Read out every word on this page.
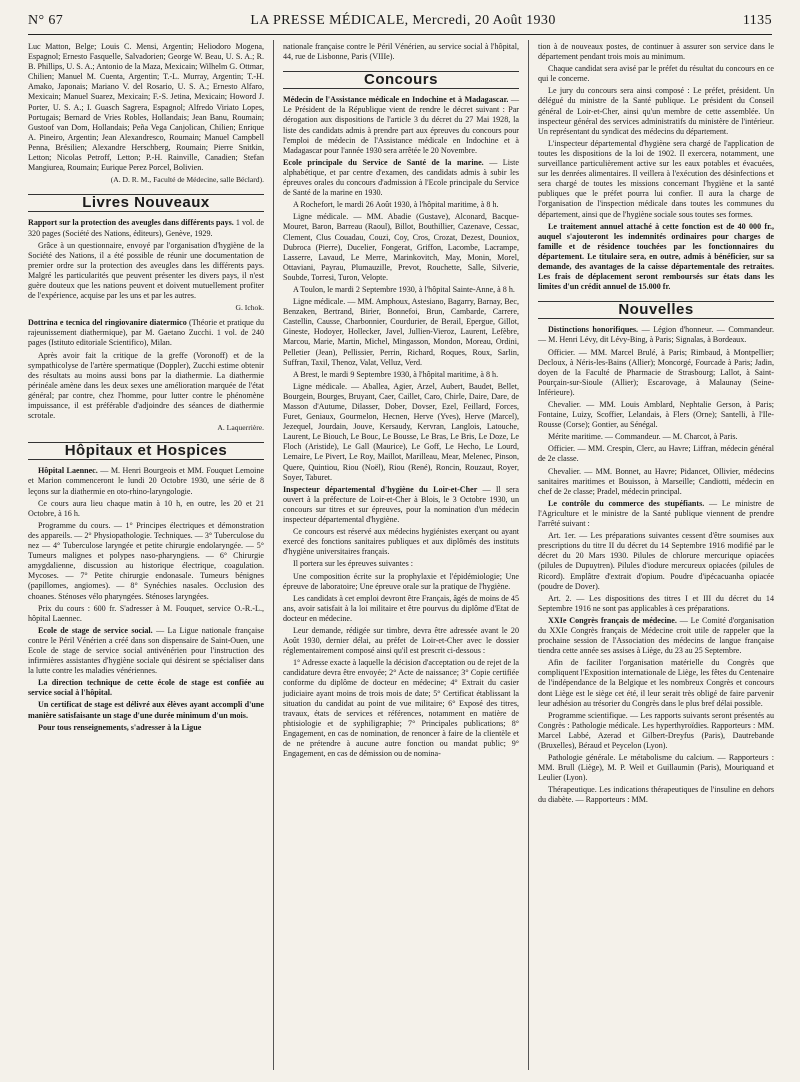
N° 67	LA PRESSE MÉDICALE, Mercredi, 20 Août 1930	1135

Luc Matton, Belge; Louis C. Mensi, Argentin; Heliodoro Mogena, Espagnol; Ernesto Fasquelle, Salvadorien; George W. Beau, U. S. A.; R. B. Phillips, U. S. A.; Antonio de la Maza, Mexicain; Wilhelm G. Ottmar, Chilien; Manuel M. Cuenta, Argentin; T.-L. Murray, Argentin; T.-H. Amako, Japonais; Mariano V. del Rosario, U. S. A.; Ernesto Alfaro, Mexicain; Manuel Suarez, Mexicain; F.-S. Jetina, Mexicain; Howord J. Porter, U. S. A.; I. Guasch Sagrera, Espagnol; Alfredo Viriato Lopes, Portugais; Bernard de Vries Robles, Hollandais; Jean Banu, Roumain; Gustoof van Dom, Hollandais; Peña Vega Canjolican, Chilien; Enrique A. Pineiro, Argentin; Jean Alexandresco, Roumain; Manuel Campbell Penna, Brésilien; Alexandre Herschberg, Roumain; Pierre Snitkin, Letton; Nicolas Petroff, Letton; P.-H. Rainville, Canadien; Stefan Mangiurea, Roumain; Eurique Perez Porcel, Bolivien.

(A. D. R. M., Faculté de Médecine, salle Béclard).

Livres Nouveaux

Rapport sur la protection des aveugles dans différents pays. 1 vol. de 320 pages (Société des Nations, éditeurs), Genève, 1929.

Grâce à un questionnaire, envoyé par l'organisation d'hygiène de la Société des Nations, il a été possible de réunir une documentation de premier ordre sur la protection des aveugles dans les différents pays. Malgré les particularités que peuvent présenter les divers pays, il n'est guère douteux que les nations peuvent et doivent mutuellement profiter de l'expérience, acquise par les uns et par les autres.

G. Ichok.

Dottrina e tecnica del ringiovanire diatermico (Théorie et pratique du rajeunissement diathermique), par M. Gaetano Zucchi. 1 vol. de 240 pages (Istituto editoriale Scientifico), Milan.

Après avoir fait la critique de la greffe (Voronoff) et de la sympathicolyse de l'artère spermatique (Doppler), Zucchi estime obtenir des résultats au moins aussi bons par la diathermie. La diathermie périnéale amène dans les deux sexes une amélioration marquée de l'état général; par contre, chez l'homme, pour lutter contre le phénomène impuissance, il est préférable d'adjoindre des séances de diathermie scrotale.

A. Laquerrière.

Hôpitaux et Hospices

Hôpital Laennec. — M. Henri Bourgeois et MM. Fouquet Lemoine et Marion commenceront le lundi 20 Octobre 1930, une série de 8 leçons sur la diathermie en oto-rhino-laryngologie.

Ce cours aura lieu chaque matin à 10 h, en outre, les 20 et 21 Octobre, à 16 h.

Programme du cours. — 1° Principes électriques et démonstration des appareils. — 2° Physiopathologie. Techniques. — 3° Tuberculose du nez — 4° Tuberculose laryngée et petite chirurgie endolaryngée. — 5° Tumeurs malignes et polypes naso-pharyngiens. — 6° Chirurgie amygdalienne, discussion au historique électrique, coagulation. Mycoses. — 7° Petite chirurgie endonasale. Tumeurs bénignes (papillomes, angiomes). — 8° Synéchies nasales. Occlusion des choanes. Sténoses vélo pharyngées. Sténoses laryngées.

Prix du cours : 600 fr. S'adresser à M. Fouquet, service O.-R.-L., hôpital Laennec.

Ecole de stage de service social. — La Ligue nationale française contre le Péril Vénérien a créé dans son dispensaire de Saint-Ouen, une Ecole de stage de service social antivénérien pour l'instruction des infirmières assistantes d'hygiène sociale qui désirent se spécialiser dans la lutte contre les maladies vénériennes.

La direction technique de cette école de stage est confiée au service social à l'hôpital.

Un certificat de stage est délivré aux élèves ayant accompli d'une manière satisfaisante un stage d'une durée minimum d'un mois.

Pour tous renseignements, s'adresser à la Ligue

nationale française contre le Péril Vénérien, au service social à l'hôpital, 44, rue de Lisbonne, Paris (VIIIe).

Concours

Médecin de l'Assistance médicale en Indochine et à Madagascar. — Le Président de la République vient de rendre le décret suivant : Par dérogation aux dispositions de l'article 3 du décret du 27 Mai 1928, la liste des candidats admis à prendre part aux épreuves du concours pour l'emploi de médecin de l'Assistance médicale en Indochine et à Madagascar pour l'année 1930 sera arrêtée le 20 Novembre.

Ecole principale du Service de Santé de la marine. — Liste alphabétique, et par centre d'examen, des candidats admis à subir les épreuves orales du concours d'admission à l'Ecole principale du Service de Santé de la marine en 1930.

A Rochefort, le mardi 26 Août 1930, à l'hôpital maritime, à 8 h.

Ligne médicale. — MM. Abadie (Gustave), Alconard, Bacque-Mouret, Baron, Barreau (Raoul), Billot, Bouthillier, Cazenave, Cessac, Clement, Clus Couadau, Couzi, Coy, Cros, Crozat, Dezest, Douniox, Dubroca (Pierre), Ducelier, Fongerat, Griffon, Lacombe, Lacrampe, Lasserre, Lavaud, Le Merre, Marinkovitch, May, Monin, Morel, Ottaviani, Payrau, Plumauzille, Prevot, Rouchette, Salle, Silverie, Soubde, Torresi, Turon, Velopte.

A Toulon, le mardi 2 Septembre 1930, à l'hôpital Sainte-Anne, à 8 h.

Ligne médicale. — MM. Amphoux, Astesiano, Bagarry, Barnay, Bec, Benzaken, Bertrand, Birier, Bonnefoi, Brun, Cambarde, Carrere, Castellin, Causse, Charbonnier, Courdurier, de Berail, Epergue, Gillot, Gineste, Hodoyer, Hollecker, Javel, Jullien-Vieroz, Laurent, Lefèbre, Marcou, Marie, Martin, Michel, Mingasson, Mondon, Moreau, Ordini, Pelletier (Jean), Pellissier, Perrin, Richard, Roques, Roux, Sarlin, Suffran, Taxil, Thenoz, Valat, Velluz, Verd.

A Brest, le mardi 9 Septembre 1930, à l'hôpital maritime, à 8 h.

Ligne médicale. — Aballea, Agier, Arzel, Aubert, Baudet, Bellet, Bourgein, Bourges, Bruyant, Caer, Caillet, Caro, Chirle, Daire, Dare, de Masson d'Autume, Dilasser, Dober, Dovser, Ezel, Feillard, Forces, Furet, Geniaux, Gourmelon, Hecnen, Herve (Yves), Herve (Marcel), Jezequel, Jourdain, Jouve, Kersaudy, Kervran, Langlois, Latouche, Laurent, Le Biouch, Le Bouc, Le Bousse, Le Bras, Le Bris, Le Doze, Le Floch (Aristide), Le Gall (Maurice), Le Goff, Le Hecho, Le Lourd, Lemaire, Le Pivert, Le Roy, Maillot, Marilleau, Mear, Melenec, Pinson, Quere, Quintiou, Riou (Noël), Riou (René), Roncin, Rouzaut, Royer, Soyer, Taburet.

Inspecteur départemental d'hygiène du Loir-et-Cher — Il sera ouvert à la préfecture de Loir-et-Cher à Blois, le 3 Octobre 1930, un concours sur titres et sur épreuves, pour la nomination d'un médecin inspecteur départemental d'hygiène.

Ce concours est réservé aux médecins hygiénistes exerçant ou ayant exercé des fonctions sanitaires publiques et aux diplômés des instituts d'hygiène universitaires français.

Il portera sur les épreuves suivantes :

Une composition écrite sur la prophylaxie et l'épidémiologie; Une épreuve de laboratoire; Une épreuve orale sur la pratique de l'hygiène.

Les candidats à cet emploi devront être Français, âgés de moins de 45 ans, avoir satisfait à la loi militaire et être pourvus du diplôme d'Etat de docteur en médecine.

Leur demande, rédigée sur timbre, devra être adressée avant le 20 Août 1930, dernier délai, au préfet de Loir-et-Cher avec le dossier réglementairement composé ainsi qu'il est prescrit ci-dessous :

1° Adresse exacte à laquelle la décision d'acceptation ou de rejet de la candidature devra être envoyée; 2° Acte de naissance; 3° Copie certifiée conforme du diplôme de docteur en médecine; 4° Extrait du casier judiciaire ayant moins de trois mois de date; 5° Certificat établissant la situation du candidat au point de vue militaire; 6° Exposé des titres, travaux, états de services et références, notamment en matière de phtisiologie et de syphiligraphie; 7° Principales publications; 8° Engagement, en cas de nomination, de renoncer à faire de la clientèle et de ne prétendre à aucune autre fonction ou mandat public; 9° Engagement, en cas de démission ou de nomina-

tion à de nouveaux postes, de continuer à assurer son service dans le département pendant trois mois au minimum.

Chaque candidat sera avisé par le préfet du résultat du concours en ce qui le concerne.

Le jury du concours sera ainsi composé : Le préfet, président. Un délégué du ministre de la Santé publique. Le président du Conseil général de Loir-et-Cher, ainsi qu'un membre de cette assemblée. Un inspecteur général des services administratifs du ministère de l'intérieur. Un représentant du syndicat des médecins du département.

L'inspecteur départemental d'hygiène sera chargé de l'application de toutes les dispositions de la loi de 1902. Il exercera, notamment, une surveillance particulièrement active sur les eaux potables et évacuées, sur les denrées alimentaires. Il veillera à l'exécution des désinfections et sera chargé de toutes les missions concernant l'hygiène et la santé publiques que le préfet pourra lui confier. Il aura la charge de l'organisation de l'inspection médicale dans toutes les communes du département, ainsi que de l'hygiène sociale sous toutes ses formes.

Le traitement annuel attaché à cette fonction est de 40 000 fr., auquel s'ajouteront les indemnités ordinaires pour charges de famille et de résidence touchées par les fonctionnaires du département. Le titulaire sera, en outre, admis à bénéficier, sur sa demande, des avantages de la caisse départementale des retraites. Les frais de déplacement seront remboursés sur états dans les limites d'un crédit annuel de 15.000 fr.

Nouvelles

Distinctions honorifiques. — Légion d'honneur. — Commandeur. — M. Henri Lévy, dit Lévy-Bing, à Paris; Signalas, à Bordeaux.

Officier. — MM. Marcel Brulé, à Paris; Rimbaud, à Montpellier; Decloux, à Néris-les-Bains (Allier); Moncorgé, Fourcade à Paris; Jadin, doyen de la Faculté de Pharmacie de Strasbourg; Lallot, à Saint-Pourçain-sur-Sioule (Allier); Escarovage, à Malaunay (Seine-Inférieure).

Chevalier. — MM. Louis Amblard, Nephtalie Gerson, à Paris; Fontaine, Luizy, Scoffier, Lelandais, à Flers (Orne); Santelli, à l'Ile-Rousse (Corse); Gontier, au Sénégal.

Mérite maritime. — Commandeur. — M. Charcot, à Paris.

Officier. — MM. Crespin, Clerc, au Havre; Liffran, médecin général de 2e classe.

Chevalier. — MM. Bonnet, au Havre; Pidancet, Ollivier, médecins sanitaires maritimes et Bouisson, à Marseille; Candiotti, médecin en chef de 2e classe; Pradel, médecin principal.

Le contrôle du commerce des stupéfiants. — Le ministre de l'Agriculture et le ministre de la Santé publique viennent de prendre l'arrêté suivant :

Art. 1er. — Les préparations suivantes cessent d'être soumises aux prescriptions du titre II du décret du 14 Septembre 1916 modifié par le décret du 20 Mars 1930. Pilules de chlorure mercurique opiacées (pilules de Dupuytren). Pilules d'iodure mercureux opiacées (pilules de Ricord). Emplâtre d'extrait d'opium. Poudre d'ipécacuanha opiacée (poudre de Dover).

Art. 2. — Les dispositions des titres I et III du décret du 14 Septembre 1916 ne sont pas applicables à ces préparations.

XXIe Congrès français de médecine. — Le Comité d'organisation du XXIe Congrès français de Médecine croit utile de rappeler que la prochaine session de l'Association des médecins de langue française tiendra cette année ses assises à Liège, du 23 au 25 Septembre.

Afin de faciliter l'organisation matérielle du Congrès que compliquent l'Exposition internationale de Liège, les fêtes du Centenaire de l'indépendance de la Belgique et les nombreux Congrès et concours dont Liège est le siège cet été, il leur serait très obligé de faire parvenir leur adhésion au trésorier du Congrès dans le plus bref délai possible.

Programme scientifique. — Les rapports suivants seront présentés au Congrès : Pathologie médicale. Les hyperthyroïdies. Rapporteurs : MM. Marcel Labbé, Azerad et Gilbert-Dreyfus (Paris), Dautrebande (Bruxelles), Béraud et Peycelon (Lyon).

Pathologie générale. Le métabolisme du calcium. — Rapporteurs : MM. Brull (Liège), M. P. Weil et Guillaumin (Paris), Mouriquand et Leulier (Lyon).

Thérapeutique. Les indications thérapeutiques de l'insuline en dehors du diabète. — Rapporteurs : MM.
